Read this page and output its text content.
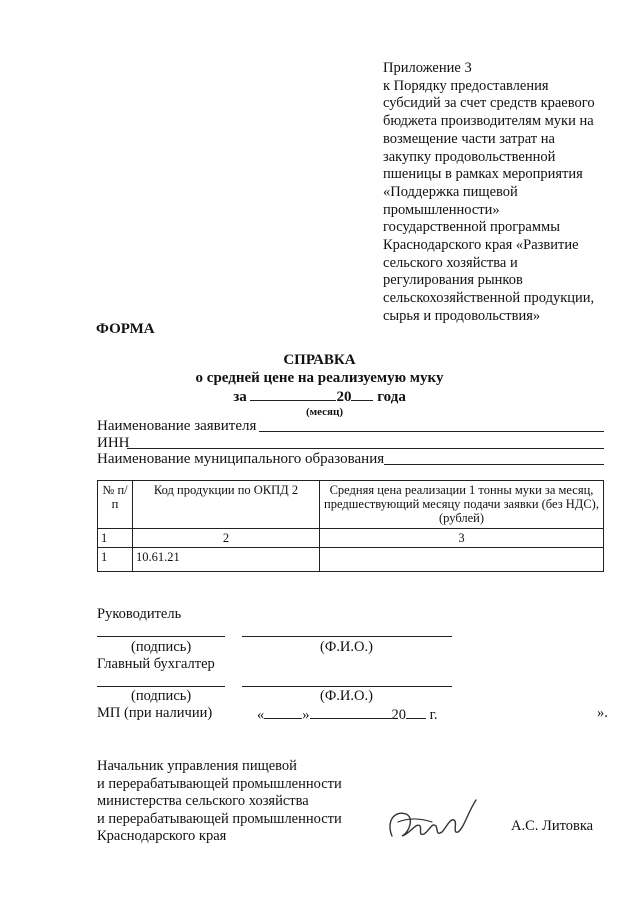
Приложение 3
к Порядку предоставления
субсидий за счет средств краевого
бюджета производителям муки на
возмещение части затрат на
закупку продовольственной
пшеницы в рамках мероприятия
«Поддержка пищевой
промышленности»
государственной программы
Краснодарского края «Развитие
сельского хозяйства и
регулирования рынков
сельскохозяйственной продукции,
сырья и продовольствия»
ФОРМА
СПРАВКА
о средней цене на реализуемую муку
за	20 года
(месяц)
Наименование заявителя
ИНН
Наименование муниципального образования
№ п/п	Код продукции по ОКПД 2	Средняя цена реализации 1 тонны муки за месяц, предшествующий месяцу подачи заявки (без НДС), (рублей)
1	2	3
1	10.61.21	
Руководитель
(подпись)	(Ф.И.О.)
Главный бухгалтер
(подпись)	(Ф.И.О.)
МП (при наличии)	«	»	20 г.	».
Начальник управления пищевой
и перерабатывающей промышленности
министерства сельского хозяйства
и перерабатывающей промышленности
Краснодарского края
А.С. Литовка
